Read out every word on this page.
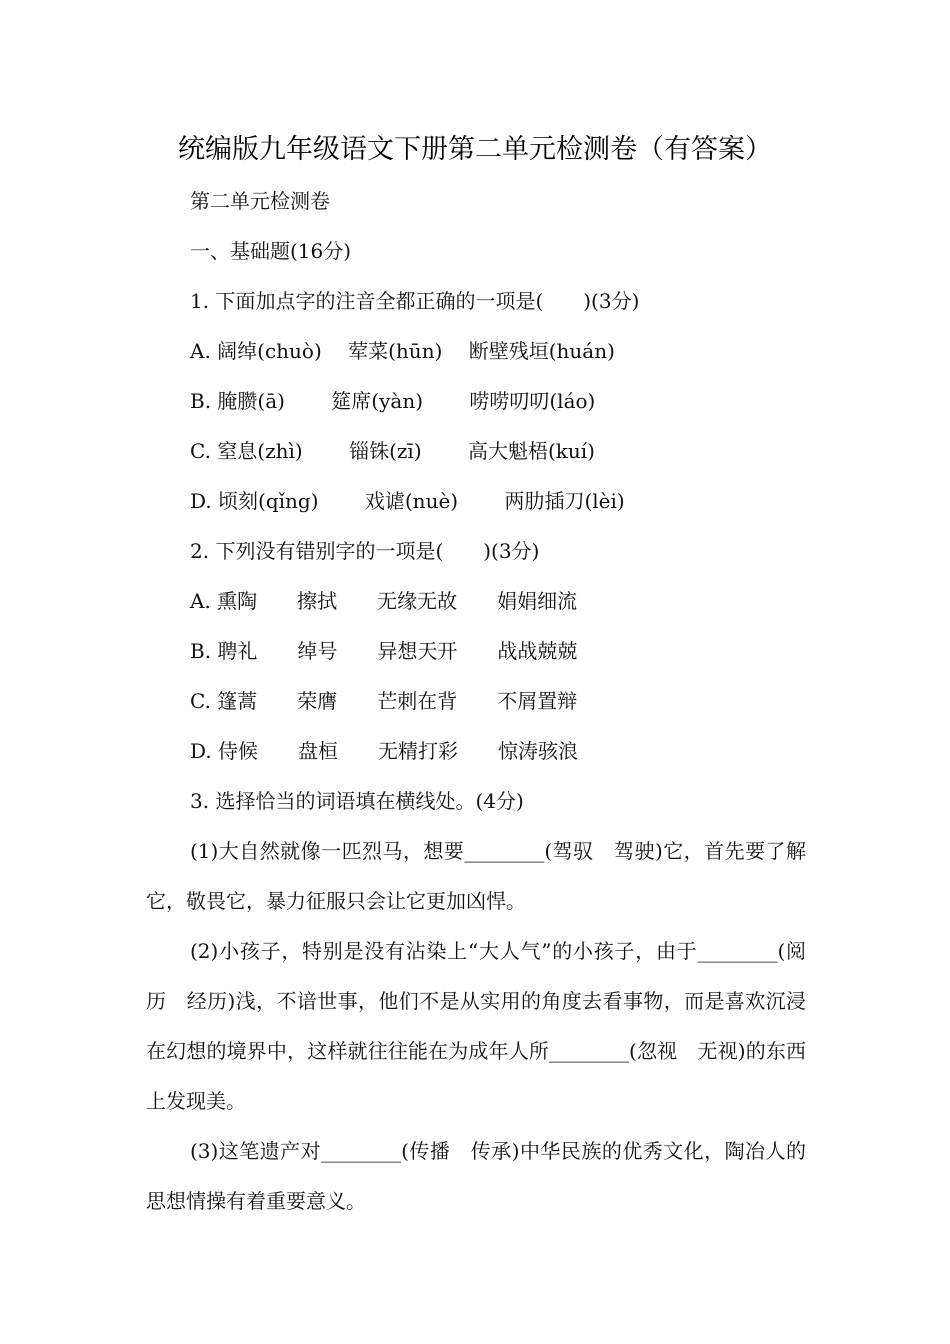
统编版九年级语文下册第二单元检测卷（有答案）
第二单元检测卷
一、基础题(16分)
1. 下面加点字的注音全都正确的一项是(　　)(3分)
A. 阔绰(chuò)　 荤菜(hūn)　 断壁残垣(huán)
B. 腌臜(ā)　　 筵席(yàn)　　 唠唠叨叨(láo)
C. 窒息(zhì)　　 锱铢(zī)　　 高大魁梧(kuí)
D. 顷刻(qǐng)　　 戏谑(nuè)　　 两肋插刀(lèi)
2. 下列没有错别字的一项是(　　)(3分)
A. 熏陶　　擦拭　　无缘无故　　娟娟细流
B. 聘礼　　绰号　　异想天开　　战战兢兢
C. 篷蒿　　荣膺　　芒刺在背　　不屑置辩
D. 侍候　　盘桓　　无精打彩　　惊涛骇浪
3. 选择恰当的词语填在横线处。(4分)
(1)大自然就像一匹烈马，想要________(驾驭　驾驶)它，首先要了解它，敬畏它，暴力征服只会让它更加凶悍。
(2)小孩子，特别是没有沾染上“大人气”的小孩子，由于________(阅历　经历)浅，不谙世事，他们不是从实用的角度去看事物，而是喜欢沉浸在幻想的境界中，这样就往往能在为成年人所________(忽视　无视)的东西上发现美。
(3)这笔遗产对________(传播　传承)中华民族的优秀文化，陶冶人的思想情操有着重要意义。
